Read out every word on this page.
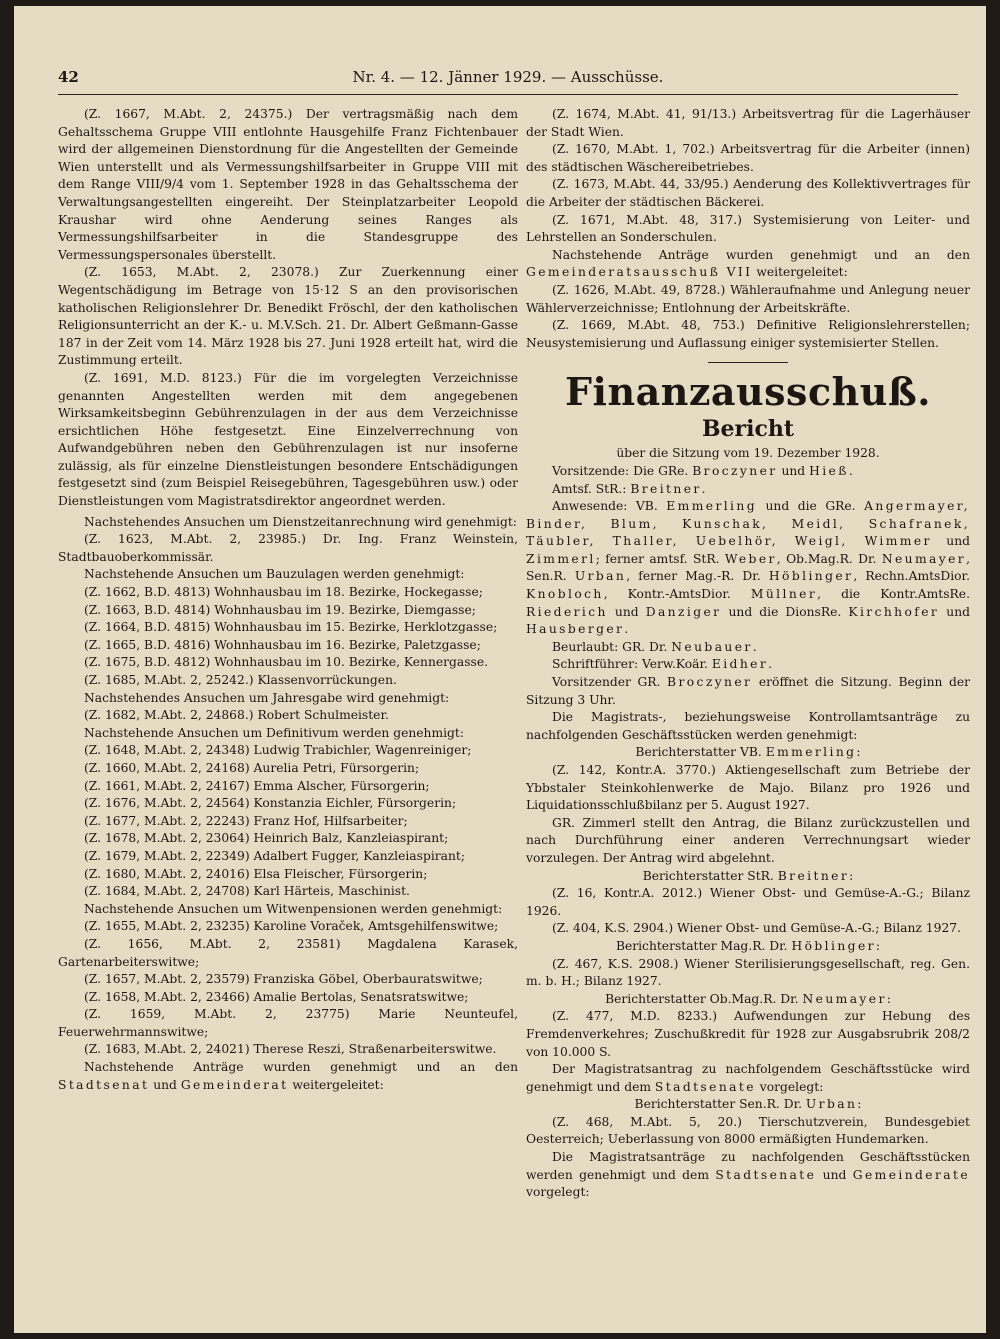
42	Nr. 4. — 12. Jänner 1929. — Ausschüsse.

(Z. 1667, M.Abt. 2, 24375.) Der vertragsmäßig nach dem Gehaltsschema Gruppe VIII entlohnte Hausgehilfe Franz Fichtenbauer wird der allgemeinen Dienstordnung für die Angestellten der Gemeinde Wien unterstellt und als Vermessungshilfsarbeiter in Gruppe VIII mit dem Range VIII/9/4 vom 1. September 1928 in das Gehaltsschema der Verwaltungsangestellten eingereiht. Der Steinplatzarbeiter Leopold Kraushar wird ohne Aenderung seines Ranges als Vermessungshilfsarbeiter in die Standesgruppe des Vermessungspersonales überstellt.

(Z. 1653, M.Abt. 2, 23078.) Zur Zuerkennung einer Wegentschädigung im Betrage von 15·12 S an den provisorischen katholischen Religionslehrer Dr. Benedikt Fröschl, der den katholischen Religionsunterricht an der K.- u. M.V.Sch. 21. Dr. Albert Geßmann-Gasse 187 in der Zeit vom 14. März 1928 bis 27. Juni 1928 erteilt hat, wird die Zustimmung erteilt.

(Z. 1691, M.D. 8123.) Für die im vorgelegten Verzeichnisse genannten Angestellten werden mit dem angegebenen Wirksamkeitsbeginn Gebührenzulagen in der aus dem Verzeichnisse ersichtlichen Höhe festgesetzt. Eine Einzelverrechnung von Aufwandgebühren neben den Gebührenzulagen ist nur insoferne zulässig, als für einzelne Dienstleistungen besondere Entschädigungen festgesetzt sind (zum Beispiel Reisegebühren, Tagesgebühren usw.) oder Dienstleistungen vom Magistratsdirektor angeordnet werden.

Nachstehendes Ansuchen um Dienstzeitanrechnung wird genehmigt:

(Z. 1623, M.Abt. 2, 23985.) Dr. Ing. Franz Weinstein, Stadtbauoberkommissär.

Nachstehende Ansuchen um Bauzulagen werden genehmigt:

(Z. 1662, B.D. 4813) Wohnhausbau im 18. Bezirke, Hockegasse;

(Z. 1663, B.D. 4814) Wohnhausbau im 19. Bezirke, Diemgasse;

(Z. 1664, B.D. 4815) Wohnhausbau im 15. Bezirke, Herklotzgasse;

(Z. 1665, B.D. 4816) Wohnhausbau im 16. Bezirke, Paletzgasse;

(Z. 1675, B.D. 4812) Wohnhausbau im 10. Bezirke, Kennergasse.

(Z. 1685, M.Abt. 2, 25242.) Klassenvorrückungen.

Nachstehendes Ansuchen um Jahresgabe wird genehmigt:

(Z. 1682, M.Abt. 2, 24868.) Robert Schulmeister.

Nachstehende Ansuchen um Definitivum werden genehmigt:

(Z. 1648, M.Abt. 2, 24348) Ludwig Trabichler, Wagenreiniger;

(Z. 1660, M.Abt. 2, 24168) Aurelia Petri, Fürsorgerin;

(Z. 1661, M.Abt. 2, 24167) Emma Alscher, Fürsorgerin;

(Z. 1676, M.Abt. 2, 24564) Konstanzia Eichler, Fürsorgerin;

(Z. 1677, M.Abt. 2, 22243) Franz Hof, Hilfsarbeiter;

(Z. 1678, M.Abt. 2, 23064) Heinrich Balz, Kanzleiaspirant;

(Z. 1679, M.Abt. 2, 22349) Adalbert Fugger, Kanzleiaspirant;

(Z. 1680, M.Abt. 2, 24016) Elsa Fleischer, Fürsorgerin;

(Z. 1684, M.Abt. 2, 24708) Karl Härteis, Maschinist.

Nachstehende Ansuchen um Witwenpensionen werden genehmigt:

(Z. 1655, M.Abt. 2, 23235) Karoline Voraček, Amtsgehilfenswitwe;

(Z. 1656, M.Abt. 2, 23581) Magdalena Karasek, Gartenarbeiterswitwe;

(Z. 1657, M.Abt. 2, 23579) Franziska Göbel, Oberbauratswitwe;

(Z. 1658, M.Abt. 2, 23466) Amalie Bertolas, Senatsratswitwe;

(Z. 1659, M.Abt. 2, 23775) Marie Neunteufel, Feuerwehrmannswitwe;

(Z. 1683, M.Abt. 2, 24021) Therese Reszi, Straßenarbeiterswitwe.

Nachstehende Anträge wurden genehmigt und an den Stadtsenat und Gemeinderat weitergeleitet:

(Z. 1674, M.Abt. 41, 91/13.) Arbeitsvertrag für die Lagerhäuser der Stadt Wien.

(Z. 1670, M.Abt. 1, 702.) Arbeitsvertrag für die Arbeiter (innen) des städtischen Wäschereibetriebes.

(Z. 1673, M.Abt. 44, 33/95.) Aenderung des Kollektivvertrages für die Arbeiter der städtischen Bäckerei.

(Z. 1671, M.Abt. 48, 317.) Systemisierung von Leiter- und Lehrstellen an Sonderschulen.

Nachstehende Anträge wurden genehmigt und an den Gemeinderatsausschuß VII weitergeleitet:

(Z. 1626, M.Abt. 49, 8728.) Wähleraufnahme und Anlegung neuer Wählerverzeichnisse; Entlohnung der Arbeitskräfte.

(Z. 1669, M.Abt. 48, 753.) Definitive Religionslehrerstellen; Neusystemisierung und Auflassung einiger systemisierter Stellen.

Finanzausschuß.

Bericht

über die Sitzung vom 19. Dezember 1928.

Vorsitzende: Die GRe. Broczyner und Hieß.

Amtsf. StR.: Breitner.

Anwesende: VB. Emmerling und die GRe. Angermayer, Binder, Blum, Kunschak, Meidl, Schafranek, Täubler, Thaller, Uebelhör, Weigl, Wimmer und Zimmerl; ferner amtsf. StR. Weber, Ob.Mag.R. Dr. Neumayer, Sen.R. Urban, ferner Mag.-R. Dr. Höblinger, Rechn.AmtsDior. Knobloch, Kontr.-AmtsDior. Müllner, die Kontr.AmtsRe. Riederich und Danziger und die DionsRe. Kirchhofer und Hausberger.

Beurlaubt: GR. Dr. Neubauer.

Schriftführer: Verw.Koär. Eidher.

Vorsitzender GR. Broczyner eröffnet die Sitzung. Beginn der Sitzung 3 Uhr.

Die Magistrats-, beziehungsweise Kontrollamtsanträge zu nachfolgenden Geschäftsstücken werden genehmigt:

Berichterstatter VB. Emmerling:

(Z. 142, Kontr.A. 3770.) Aktiengesellschaft zum Betriebe der Ybbstaler Steinkohlenwerke de Majo. Bilanz pro 1926 und Liquidationsschlußbilanz per 5. August 1927.

GR. Zimmerl stellt den Antrag, die Bilanz zurückzustellen und nach Durchführung einer anderen Verrechnungsart wieder vorzulegen. Der Antrag wird abgelehnt.

Berichterstatter StR. Breitner:

(Z. 16, Kontr.A. 2012.) Wiener Obst- und Gemüse-A.-G.; Bilanz 1926.

(Z. 404, K.S. 2904.) Wiener Obst- und Gemüse-A.-G.; Bilanz 1927.

Berichterstatter Mag.R. Dr. Höblinger:

(Z. 467, K.S. 2908.) Wiener Sterilisierungsgesellschaft, reg. Gen. m. b. H.; Bilanz 1927.

Berichterstatter Ob.Mag.R. Dr. Neumayer:

(Z. 477, M.D. 8233.) Aufwendungen zur Hebung des Fremdenverkehres; Zuschußkredit für 1928 zur Ausgabsrubrik 208/2 von 10.000 S.

Der Magistratsantrag zu nachfolgendem Geschäftsstücke wird genehmigt und dem Stadtsenate vorgelegt:

Berichterstatter Sen.R. Dr. Urban:

(Z. 468, M.Abt. 5, 20.) Tierschutzverein, Bundesgebiet Oesterreich; Ueberlassung von 8000 ermäßigten Hundemarken.

Die Magistratsanträge zu nachfolgenden Geschäftsstücken werden genehmigt und dem Stadtsenate und Gemeinderate vorgelegt:
